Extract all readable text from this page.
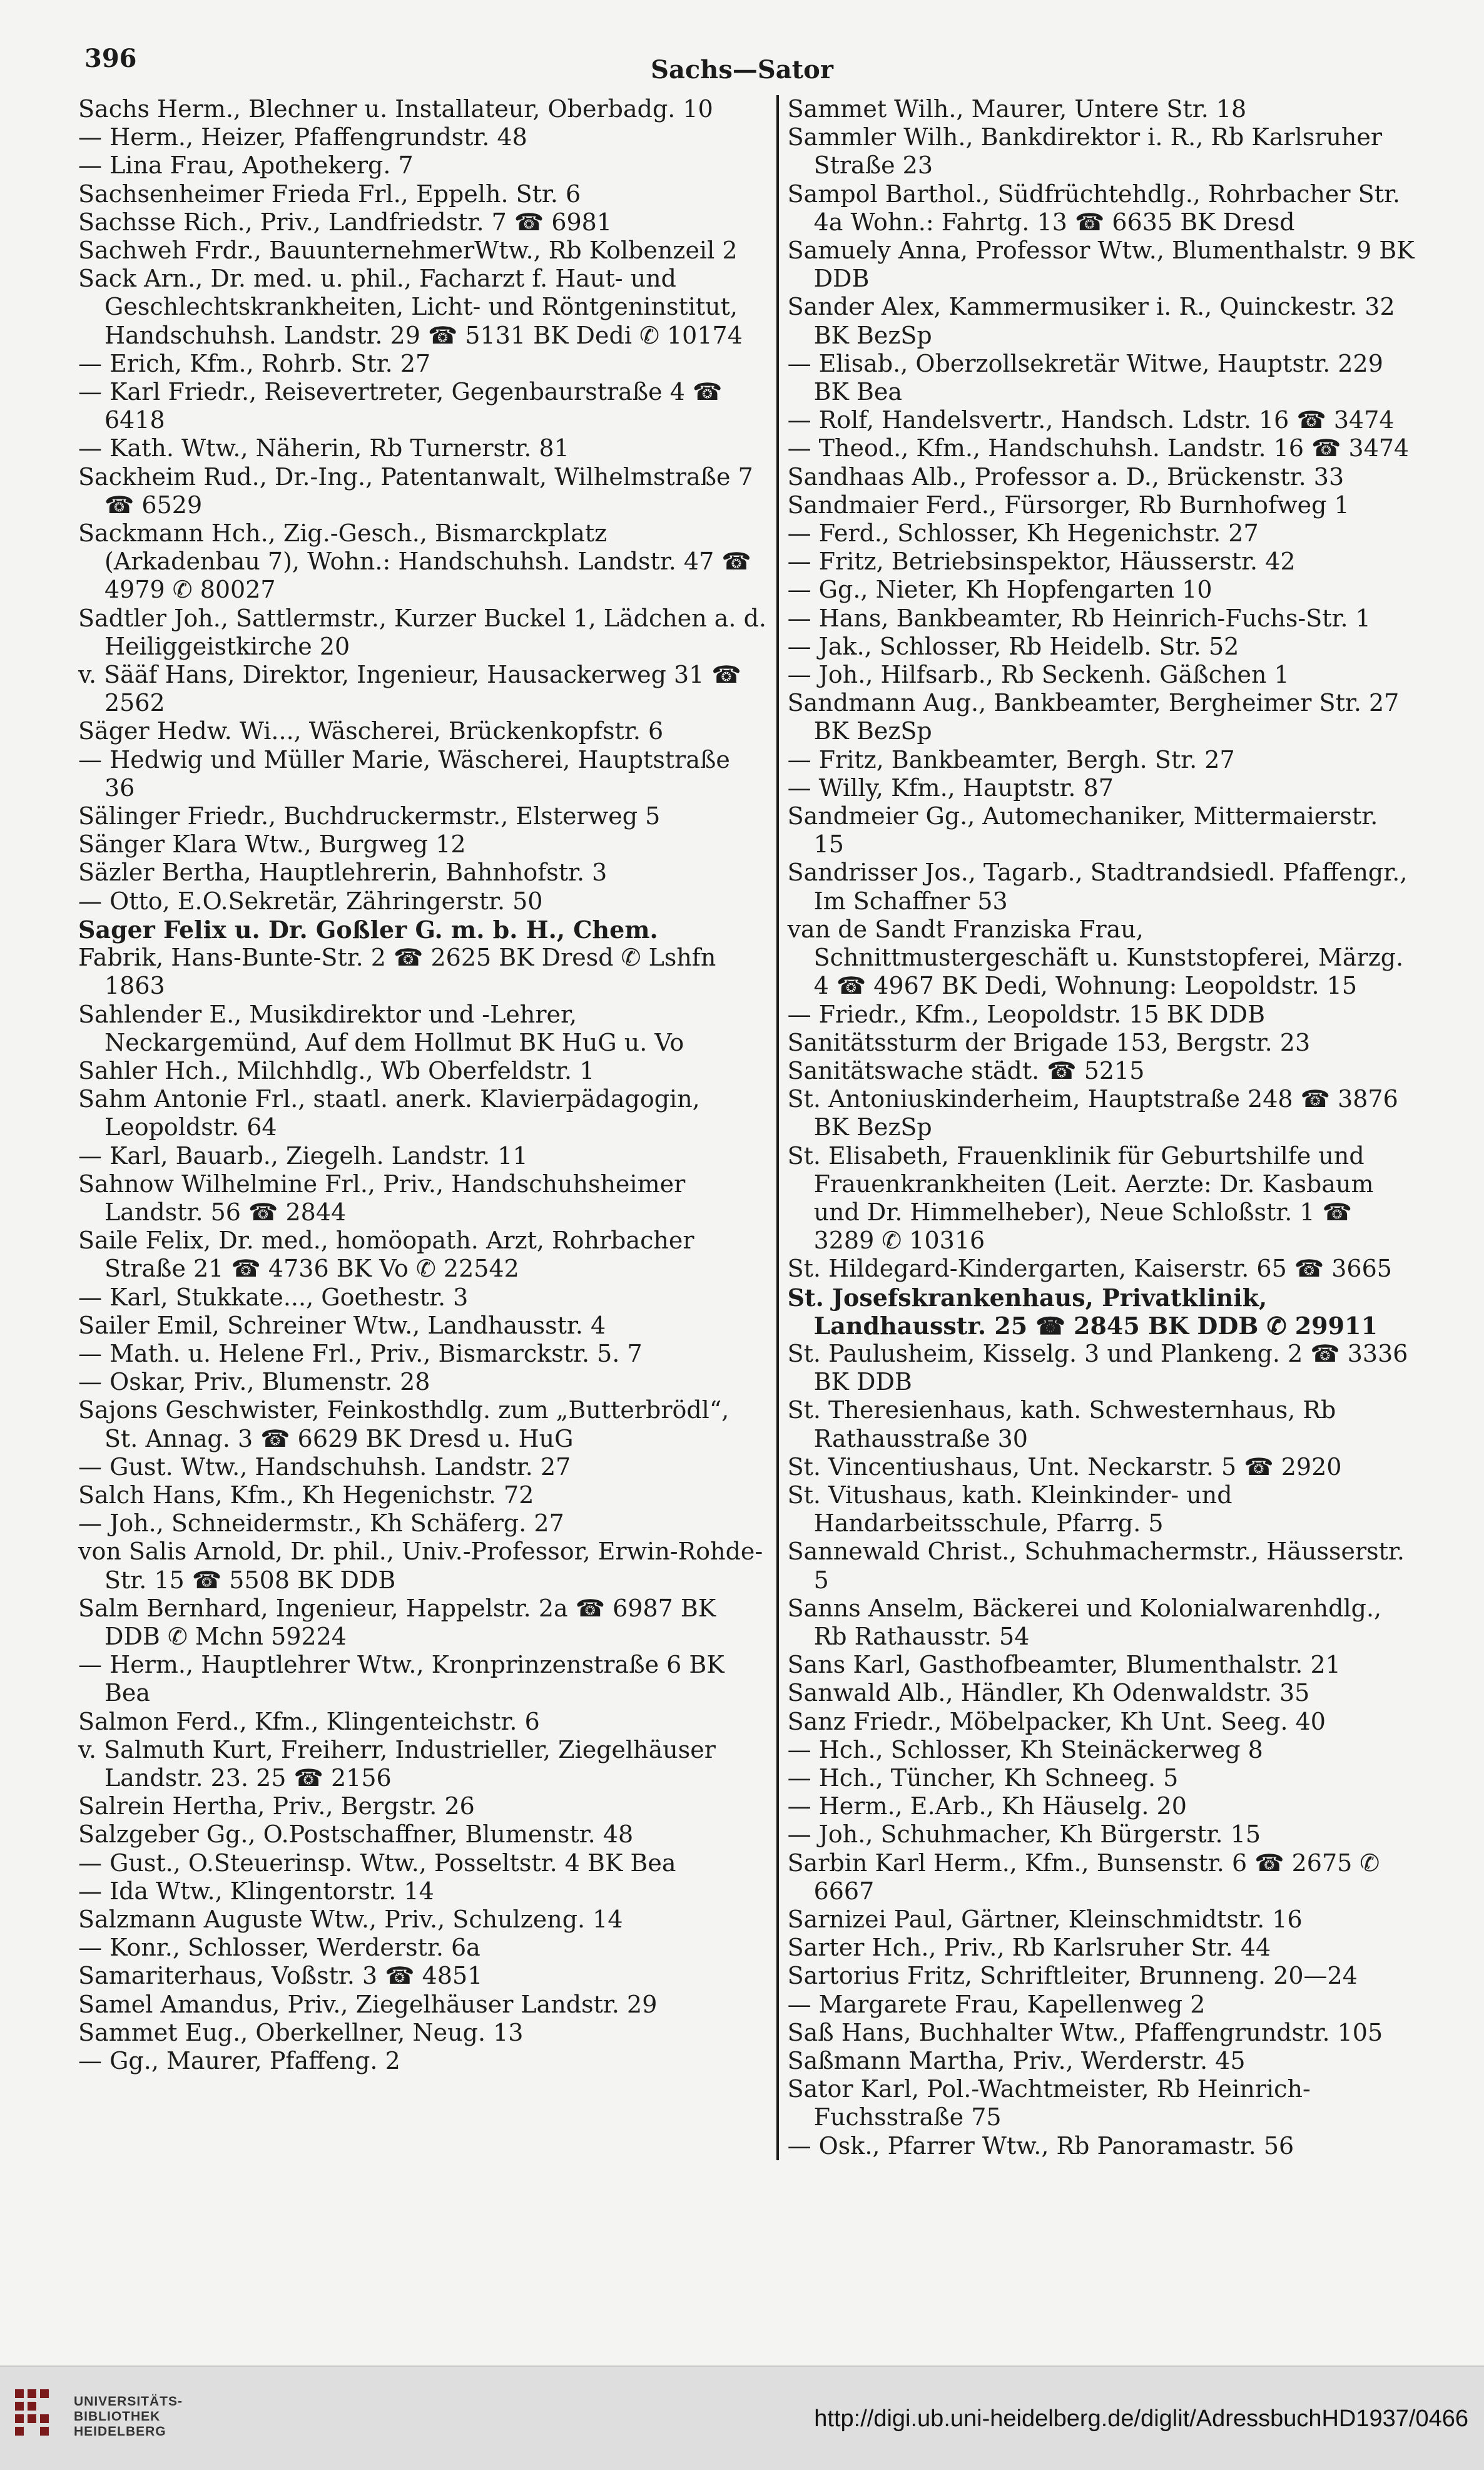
396	Sachs—Sator
Sachs Herm., Blechner u. Installateur, Oberbadg. 10
— Herm., Heizer, Pfaffengrundstr. 48
— Lina Frau, Apothekerg. 7
Sachsenheimer Frieda Frl., Eppelh. Str. 6
Sachsse Rich., Priv., Landfriedstr. 7 ☎ 6981
Sachweh Frdr., BauunternehmerWtw., Rb Kolbenzeil 2
Sack Arn., Dr. med. u. phil., Facharzt f. Haut- und Geschlechtskrankheiten, Licht- und Röntgeninstitut, Handschuhsh. Landstr. 29 ☎ 5131 BK Dedi ✆ 10174
— Erich, Kfm., Rohrb. Str. 27
— Karl Friedr., Reisevertreter, Gegenbaurstraße 4 ☎ 6418
— Kath. Wtw., Näherin, Rb Turnerstr. 81
Sackheim Rud., Dr.-Ing., Patentanwalt, Wilhelmstraße 7 ☎ 6529
Sackmann Hch., Zig.-Gesch., Bismarckplatz (Arkadenbau 7), Wohn.: Handschuhsh. Landstr. 47 ☎ 4979 ✆ 80027
Sadtler Joh., Sattlermstr., Kurzer Buckel 1, Lädchen a. d. Heiliggeistkirche 20
v. Sääf Hans, Direktor, Ingenieur, Hausackerweg 31 ☎ 2562
Säger Hedw. Wi..., Wäscherei, Brückenkopfstr. 6
— Hedwig und Müller Marie, Wäscherei, Hauptstraße 36
Sälinger Friedr., Buchdruckermstr., Elsterweg 5
Sänger Klara Wtw., Burgweg 12
Säzler Bertha, Hauptlehrerin, Bahnhofstr. 3
— Otto, E.O.Sekretär, Zähringerstr. 50
Sager Felix u. Dr. Goßler G. m. b. H., Chem.
Fabrik, Hans-Bunte-Str. 2 ☎ 2625 BK Dresd ✆ Lshfn 1863
Sahlender E., Musikdirektor und -Lehrer, Neckargemünd, Auf dem Hollmut BK HuG u. Vo
Sahler Hch., Milchhdlg., Wb Oberfeldstr. 1
Sahm Antonie Frl., staatl. anerk. Klavierpädagogin, Leopoldstr. 64
— Karl, Bauarb., Ziegelh. Landstr. 11
Sahnow Wilhelmine Frl., Priv., Handschuhsheimer Landstr. 56 ☎ 2844
Saile Felix, Dr. med., homöopath. Arzt, Rohrbacher Straße 21 ☎ 4736 BK Vo ✆ 22542
— Karl, Stukkate..., Goethestr. 3
Sailer Emil, Schreiner Wtw., Landhausstr. 4
— Math. u. Helene Frl., Priv., Bismarckstr. 5. 7
— Oskar, Priv., Blumenstr. 28
Sajons Geschwister, Feinkosthdlg. zum „Butterbrödl“, St. Annag. 3 ☎ 6629 BK Dresd u. HuG
— Gust. Wtw., Handschuhsh. Landstr. 27
Salch Hans, Kfm., Kh Hegenichstr. 72
— Joh., Schneidermstr., Kh Schäferg. 27
von Salis Arnold, Dr. phil., Univ.-Professor, Erwin-Rohde-Str. 15 ☎ 5508 BK DDB
Salm Bernhard, Ingenieur, Happelstr. 2a ☎ 6987 BK DDB ✆ Mchn 59224
— Herm., Hauptlehrer Wtw., Kronprinzenstraße 6 BK Bea
Salmon Ferd., Kfm., Klingenteichstr. 6
v. Salmuth Kurt, Freiherr, Industrieller, Ziegelhäuser Landstr. 23. 25 ☎ 2156
Salrein Hertha, Priv., Bergstr. 26
Salzgeber Gg., O.Postschaffner, Blumenstr. 48
— Gust., O.Steuerinsp. Wtw., Posseltstr. 4 BK Bea
— Ida Wtw., Klingentorstr. 14
Salzmann Auguste Wtw., Priv., Schulzeng. 14
— Konr., Schlosser, Werderstr. 6a
Samariterhaus, Voßstr. 3 ☎ 4851
Samel Amandus, Priv., Ziegelhäuser Landstr. 29
Sammet Eug., Oberkellner, Neug. 13
— Gg., Maurer, Pfaffeng. 2
Sammet Wilh., Maurer, Untere Str. 18
Sammler Wilh., Bankdirektor i. R., Rb Karlsruher Straße 23
Sampol Barthol., Südfrüchtehdlg., Rohrbacher Str. 4a Wohn.: Fahrtg. 13 ☎ 6635 BK Dresd
Samuely Anna, Professor Wtw., Blumenthalstr. 9 BK DDB
Sander Alex, Kammermusiker i. R., Quinckestr. 32 BK BezSp
— Elisab., Oberzollsekretär Witwe, Hauptstr. 229 BK Bea
— Rolf, Handelsvertr., Handsch. Ldstr. 16 ☎ 3474
— Theod., Kfm., Handschuhsh. Landstr. 16 ☎ 3474
Sandhaas Alb., Professor a. D., Brückenstr. 33
Sandmaier Ferd., Fürsorger, Rb Burnhofweg 1
— Ferd., Schlosser, Kh Hegenichstr. 27
— Fritz, Betriebsinspektor, Häusserstr. 42
— Gg., Nieter, Kh Hopfengarten 10
— Hans, Bankbeamter, Rb Heinrich-Fuchs-Str. 1
— Jak., Schlosser, Rb Heidelb. Str. 52
— Joh., Hilfsarb., Rb Seckenh. Gäßchen 1
Sandmann Aug., Bankbeamter, Bergheimer Str. 27 BK BezSp
— Fritz, Bankbeamter, Bergh. Str. 27
— Willy, Kfm., Hauptstr. 87
Sandmeier Gg., Automechaniker, Mittermaierstr. 15
Sandrisser Jos., Tagarb., Stadtrandsiedl. Pfaffengr., Im Schaffner 53
van de Sandt Franziska Frau, Schnittmustergeschäft u. Kunststopferei, Märzg. 4 ☎ 4967 BK Dedi, Wohnung: Leopoldstr. 15
— Friedr., Kfm., Leopoldstr. 15 BK DDB
Sanitätssturm der Brigade 153, Bergstr. 23
Sanitätswache städt. ☎ 5215
St. Antoniuskinderheim, Hauptstraße 248 ☎ 3876 BK BezSp
St. Elisabeth, Frauenklinik für Geburtshilfe und Frauenkrankheiten (Leit. Aerzte: Dr. Kasbaum und Dr. Himmelheber), Neue Schloßstr. 1 ☎ 3289 ✆ 10316
St. Hildegard-Kindergarten, Kaiserstr. 65 ☎ 3665
St. Josefskrankenhaus, Privatklinik, Landhausstr. 25 ☎ 2845 BK DDB ✆ 29911
St. Paulusheim, Kisselg. 3 und Plankeng. 2 ☎ 3336 BK DDB
St. Theresienhaus, kath. Schwesternhaus, Rb Rathausstraße 30
St. Vincentiushaus, Unt. Neckarstr. 5 ☎ 2920
St. Vitushaus, kath. Kleinkinder- und Handarbeitsschule, Pfarrg. 5
Sannewald Christ., Schuhmachermstr., Häusserstr. 5
Sanns Anselm, Bäckerei und Kolonialwarenhdlg., Rb Rathausstr. 54
Sans Karl, Gasthofbeamter, Blumenthalstr. 21
Sanwald Alb., Händler, Kh Odenwaldstr. 35
Sanz Friedr., Möbelpacker, Kh Unt. Seeg. 40
— Hch., Schlosser, Kh Steinäckerweg 8
— Hch., Tüncher, Kh Schneeg. 5
— Herm., E.Arb., Kh Häuselg. 20
— Joh., Schuhmacher, Kh Bürgerstr. 15
Sarbin Karl Herm., Kfm., Bunsenstr. 6 ☎ 2675 ✆ 6667
Sarnizei Paul, Gärtner, Kleinschmidtstr. 16
Sarter Hch., Priv., Rb Karlsruher Str. 44
Sartorius Fritz, Schriftleiter, Brunneng. 20—24
— Margarete Frau, Kapellenweg 2
Saß Hans, Buchhalter Wtw., Pfaffengrundstr. 105
Saßmann Martha, Priv., Werderstr. 45
Sator Karl, Pol.-Wachtmeister, Rb Heinrich-Fuchsstraße 75
— Osk., Pfarrer Wtw., Rb Panoramastr. 56
UNIVERSITÄTS-
BIBLIOTHEK
HEIDELBERG	http://digi.ub.uni-heidelberg.de/diglit/AdressbuchHD1937/0466
